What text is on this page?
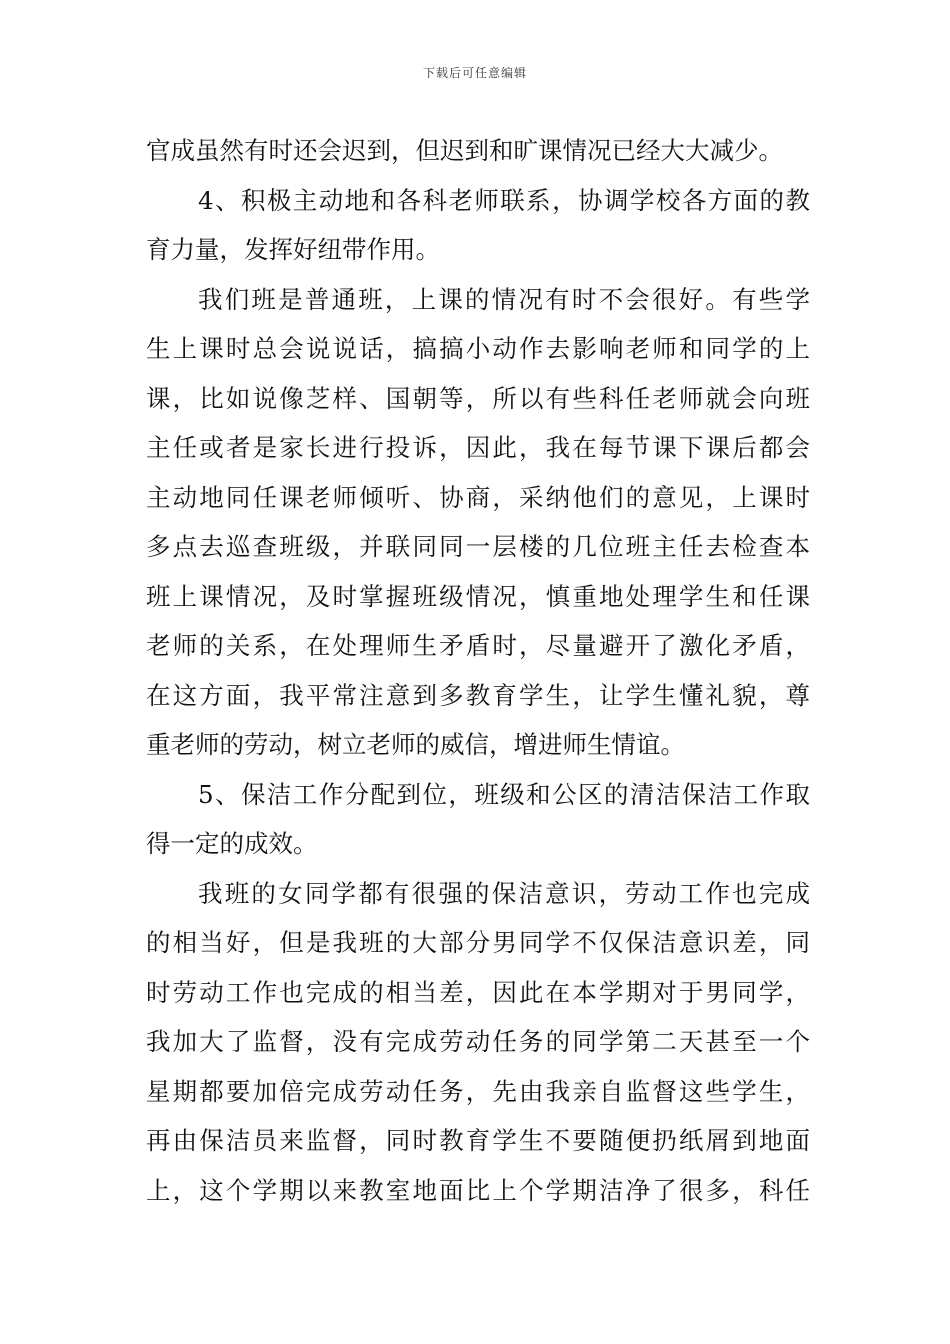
下载后可任意编辑
官成虽然有时还会迟到，但迟到和旷课情况已经大大减少。
4、积极主动地和各科老师联系，协调学校各方面的教
育力量，发挥好纽带作用。
我们班是普通班，上课的情况有时不会很好。有些学
生上课时总会说说话，搞搞小动作去影响老师和同学的上
课，比如说像芝样、国朝等，所以有些科任老师就会向班
主任或者是家长进行投诉，因此，我在每节课下课后都会
主动地同任课老师倾听、协商，采纳他们的意见，上课时
多点去巡查班级，并联同同一层楼的几位班主任去检查本
班上课情况，及时掌握班级情况，慎重地处理学生和任课
老师的关系，在处理师生矛盾时，尽量避开了激化矛盾，
在这方面，我平常注意到多教育学生，让学生懂礼貌，尊
重老师的劳动，树立老师的威信，增进师生情谊。
5、保洁工作分配到位，班级和公区的清洁保洁工作取
得一定的成效。
我班的女同学都有很强的保洁意识，劳动工作也完成
的相当好，但是我班的大部分男同学不仅保洁意识差，同
时劳动工作也完成的相当差，因此在本学期对于男同学，
我加大了监督，没有完成劳动任务的同学第二天甚至一个
星期都要加倍完成劳动任务，先由我亲自监督这些学生，
再由保洁员来监督，同时教育学生不要随便扔纸屑到地面
上，这个学期以来教室地面比上个学期洁净了很多，科任
